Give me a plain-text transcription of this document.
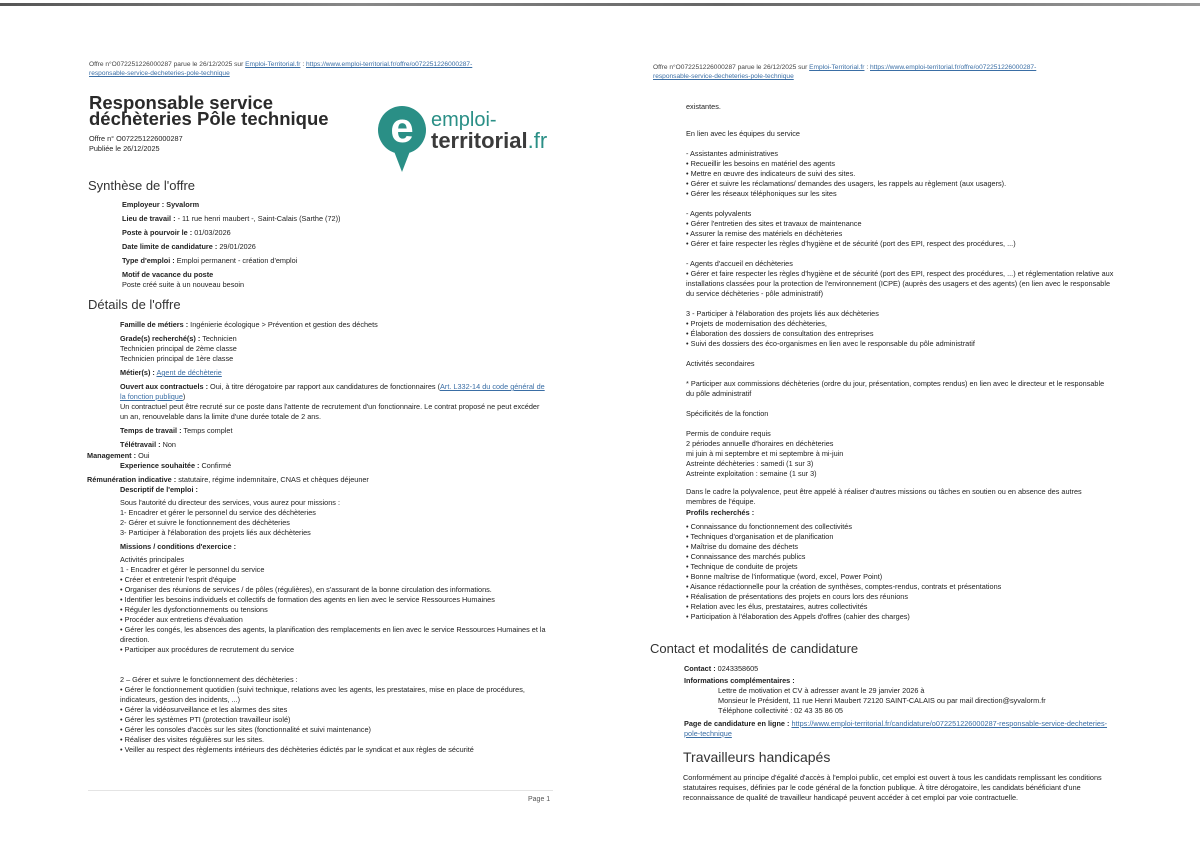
Offre n°O072251226000287 parue le 26/12/2025 sur Emploi-Territorial.fr : https://www.emploi-territorial.fr/offre/o072251226000287-
responsable-service-decheteries-pole-technique
Responsable service
déchèteries Pôle technique
Offre n° O072251226000287
Publiée le 26/12/2025	e emploi-
territorial.fr
Synthèse de l'offre
Employeur : Syvalorm
Lieu de travail : - 11 rue henri maubert -, Saint-Calais (Sarthe (72))
Poste à pourvoir le : 01/03/2026
Date limite de candidature : 29/01/2026
Type d'emploi : Emploi permanent - création d'emploi
Motif de vacance du poste
Poste créé suite à un nouveau besoin
Détails de l'offre
Famille de métiers : Ingénierie écologique > Prévention et gestion des déchets
Grade(s) recherché(s) : Technicien
Technicien principal de 2ème classe
Technicien principal de 1ère classe
Métier(s) : Agent de déchèterie
Ouvert aux contractuels : Oui, à titre dérogatoire par rapport aux candidatures de fonctionnaires (Art. L332-14 du code général de la fonction publique)
Un contractuel peut être recruté sur ce poste dans l'attente de recrutement d'un fonctionnaire. Le contrat proposé ne peut excéder un an, renouvelable dans la limite d'une durée totale de 2 ans.
Temps de travail : Temps complet
Télétravail : Non
Management : Oui
Experience souhaitée : Confirmé
Rémunération indicative : statutaire, régime indemnitaire, CNAS et chèques déjeuner
Descriptif de l'emploi :
Sous l'autorité du directeur des services, vous aurez pour missions :
1- Encadrer et gérer le personnel du service des déchèteries
2- Gérer et suivre le fonctionnement des déchèteries
3- Participer à l'élaboration des projets liés aux déchèteries
Missions / conditions d'exercice :
Activités principales
1 - Encadrer et gérer le personnel du service
• Créer et entretenir l'esprit d'équipe
• Organiser des réunions de services / de pôles (régulières), en s'assurant de la bonne circulation des informations.
• Identifier les besoins individuels et collectifs de formation des agents en lien avec le service Ressources Humaines
• Réguler les dysfonctionnements ou tensions
• Procéder aux entretiens d'évaluation
• Gérer les congés, les absences des agents, la planification des remplacements en lien avec le service Ressources Humaines et la direction.
• Participer aux procédures de recrutement du service
2 – Gérer et suivre le fonctionnement des déchèteries :
• Gérer le fonctionnement quotidien (suivi technique, relations avec les agents, les prestataires, mise en place de procédures, indicateurs, gestion des incidents, ...)
• Gérer la vidéosurveillance et les alarmes des sites
• Gérer les systèmes PTI (protection travailleur isolé)
• Gérer les consoles d'accès sur les sites (fonctionnalité et suivi maintenance)
• Réaliser des visites régulières sur les sites.
• Veiller au respect des règlements intérieurs des déchèteries édictés par le syndicat et aux règles de sécurité
Page 1
Offre n°O072251226000287 parue le 26/12/2025 sur Emploi-Territorial.fr : https://www.emploi-territorial.fr/offre/o072251226000287-
responsable-service-decheteries-pole-technique
existantes.
En lien avec les équipes du service
- Assistantes administratives
• Recueillir les besoins en matériel des agents
• Mettre en œuvre des indicateurs de suivi des sites.
• Gérer et suivre les réclamations/ demandes des usagers, les rappels au règlement (aux usagers).
• Gérer les réseaux téléphoniques sur les sites
- Agents polyvalents
• Gérer l'entretien des sites et travaux de maintenance
• Assurer la remise des matériels en déchèteries
• Gérer et faire respecter les règles d'hygiène et de sécurité (port des EPI, respect des procédures, ...)
- Agents d'accueil en déchèteries
• Gérer et faire respecter les règles d'hygiène et de sécurité (port des EPI, respect des procédures, ...) et réglementation relative aux installations classées pour la protection de l'environnement (ICPE) (auprès des usagers et des agents) (en lien avec le responsable du service déchèteries - pôle administratif)
3 - Participer à l'élaboration des projets liés aux déchèteries
• Projets de modernisation des déchèteries,
• Élaboration des dossiers de consultation des entreprises
• Suivi des dossiers des éco-organismes en lien avec le responsable du pôle administratif
Activités secondaires
* Participer aux commissions déchèteries (ordre du jour, présentation, comptes rendus) en lien avec le directeur et le responsable du pôle administratif
Spécificités de la fonction
Permis de conduire requis
2 périodes annuelle d'horaires en déchèteries
mi juin à mi septembre et mi septembre à mi-juin
Astreinte déchèteries : samedi (1 sur 3)
Astreinte exploitation : semaine (1 sur 3)
Dans le cadre la polyvalence, peut être appelé à réaliser d'autres missions ou tâches en soutien ou en absence des autres membres de l'équipe.
Profils recherchés :
• Connaissance du fonctionnement des collectivités
• Techniques d'organisation et de planification
• Maîtrise du domaine des déchets
• Connaissance des marchés publics
• Technique de conduite de projets
• Bonne maîtrise de l'informatique (word, excel, Power Point)
• Aisance rédactionnelle pour la création de synthèses, comptes-rendus, contrats et présentations
• Réalisation de présentations des projets en cours lors des réunions
• Relation avec les élus, prestataires, autres collectivités
• Participation à l'élaboration des Appels d'offres (cahier des charges)
Contact et modalités de candidature
Contact : 0243358605
Informations complémentaires :
Lettre de motivation et CV à adresser avant le 29 janvier 2026 à
Monsieur le Président, 11 rue Henri Maubert 72120 SAINT-CALAIS ou par mail direction@syvalorm.fr
Téléphone collectivité : 02 43 35 86 05
Page de candidature en ligne : https://www.emploi-territorial.fr/candidature/o072251226000287-responsable-service-decheteries-pole-technique
Travailleurs handicapés
Conformément au principe d'égalité d'accès à l'emploi public, cet emploi est ouvert à tous les candidats remplissant les conditions statutaires requises, définies par le code général de la fonction publique. À titre dérogatoire, les candidats bénéficiant d'une reconnaissance de qualité de travailleur handicapé peuvent accéder à cet emploi par voie contractuelle.
